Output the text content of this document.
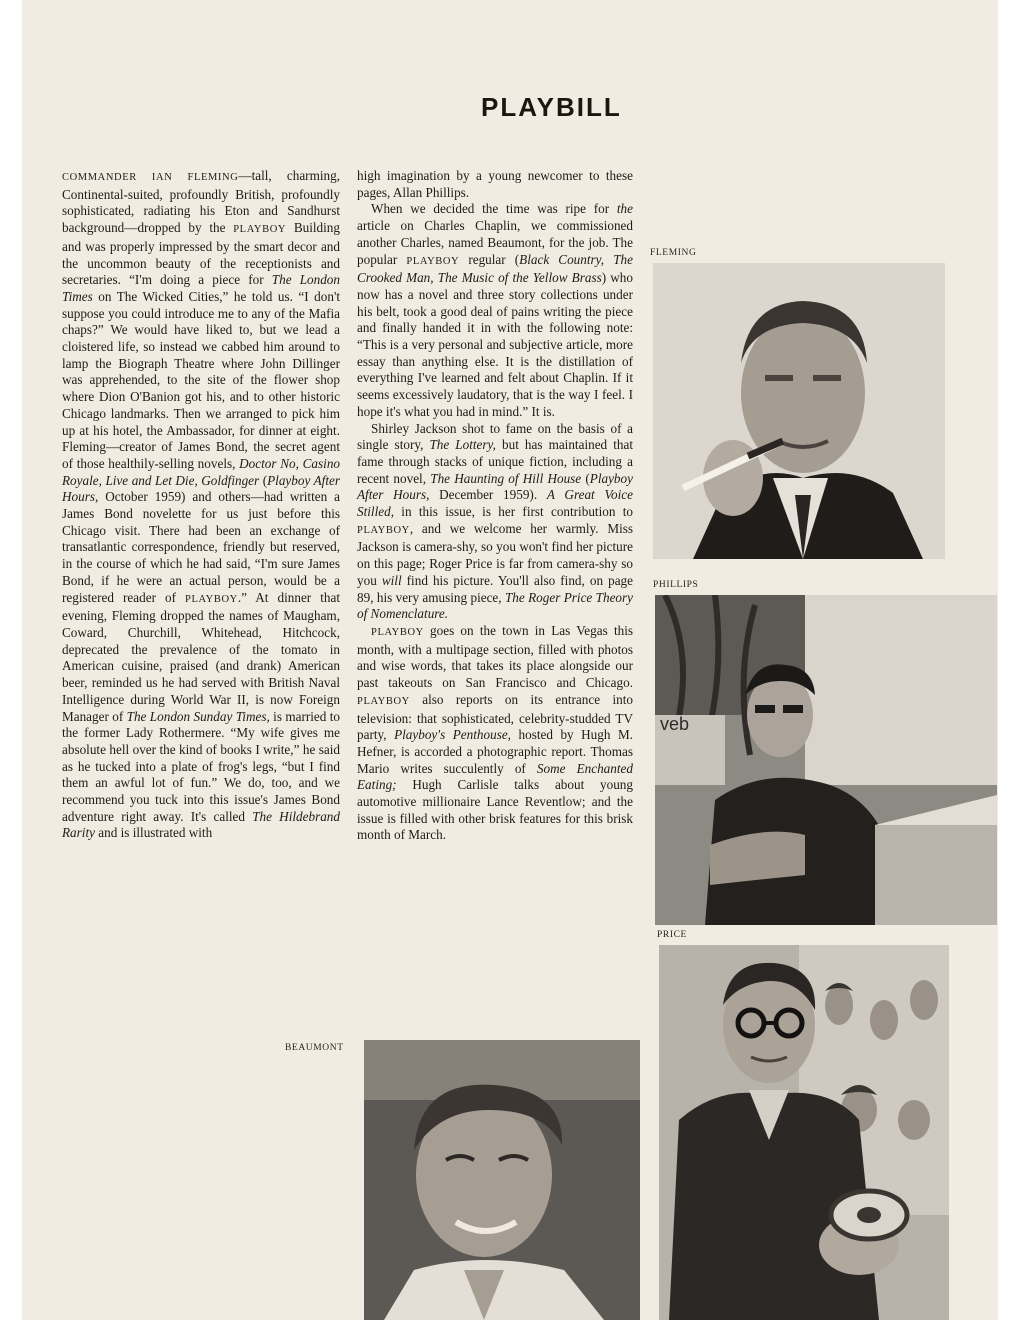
PLAYBILL

COMMANDER IAN FLEMING—tall, charming, Continental-suited, profoundly British, profoundly sophisticated, radiating his Eton and Sandhurst background—dropped by the PLAYBOY Building and was properly impressed by the smart decor and the uncommon beauty of the receptionists and secretaries. “I'm doing a piece for The London Times on The Wicked Cities,” he told us. “I don't suppose you could introduce me to any of the Mafia chaps?” We would have liked to, but we lead a cloistered life, so instead we cabbed him around to lamp the Biograph Theatre where John Dillinger was apprehended, to the site of the flower shop where Dion O'Banion got his, and to other historic Chicago landmarks. Then we arranged to pick him up at his hotel, the Ambassador, for dinner at eight. Fleming—creator of James Bond, the secret agent of those healthily-selling novels, Doctor No, Casino Royale, Live and Let Die, Goldfinger (Playboy After Hours, October 1959) and others—had written a James Bond novelette for us just before this Chicago visit. There had been an exchange of transatlantic correspondence, friendly but reserved, in the course of which he had said, “I'm sure James Bond, if he were an actual person, would be a registered reader of PLAYBOY.” At dinner that evening, Fleming dropped the names of Maugham, Coward, Churchill, Whitehead, Hitchcock, deprecated the prevalence of the tomato in American cuisine, praised (and drank) American beer, reminded us he had served with British Naval Intelligence during World War II, is now Foreign Manager of The London Sunday Times, is married to the former Lady Rothermere. “My wife gives me absolute hell over the kind of books I write,” he said as he tucked into a plate of frog's legs, “but I find them an awful lot of fun.” We do, too, and we recommend you tuck into this issue's James Bond adventure right away. It's called The Hildebrand Rarity and is illustrated with

high imagination by a young newcomer to these pages, Allan Phillips.

When we decided the time was ripe for the article on Charles Chaplin, we commissioned another Charles, named Beaumont, for the job. The popular PLAYBOY regular (Black Country, The Crooked Man, The Music of the Yellow Brass) who now has a novel and three story collections under his belt, took a good deal of pains writing the piece and finally handed it in with the following note: “This is a very personal and subjective article, more essay than anything else. It is the distillation of everything I've learned and felt about Chaplin. If it seems excessively laudatory, that is the way I feel. I hope it's what you had in mind.” It is.

Shirley Jackson shot to fame on the basis of a single story, The Lottery, but has maintained that fame through stacks of unique fiction, including a recent novel, The Haunting of Hill House (Playboy After Hours, December 1959). A Great Voice Stilled, in this issue, is her first contribution to PLAYBOY, and we welcome her warmly. Miss Jackson is camera-shy, so you won't find her picture on this page; Roger Price is far from camera-shy so you will find his picture. You'll also find, on page 89, his very amusing piece, The Roger Price Theory of Nomenclature.

PLAYBOY goes on the town in Las Vegas this month, with a multipage section, filled with photos and wise words, that takes its place alongside our past takeouts on San Francisco and Chicago. PLAYBOY also reports on its entrance into television: that sophisticated, celebrity-studded TV party, Playboy's Penthouse, hosted by Hugh M. Hefner, is accorded a photographic report. Thomas Mario writes succulently of Some Enchanted Eating; Hugh Carlisle talks about young automotive millionaire Lance Reventlow; and the issue is filled with other brisk features for this brisk month of March.

FLEMING
PHILLIPS
PRICE
BEAUMONT
veb
